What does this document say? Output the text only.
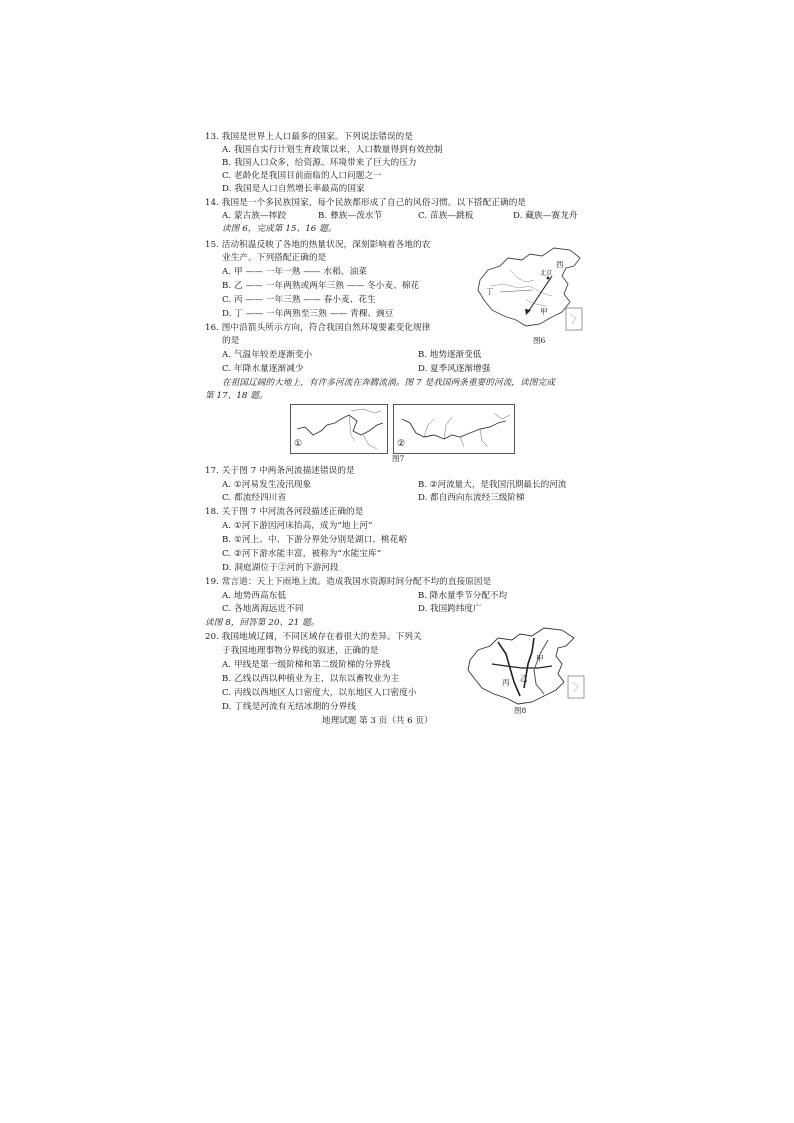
13. 我国是世界上人口最多的国家。下列说法错误的是
A. 我国自实行计划生育政策以来，人口数量得到有效控制
B. 我国人口众多，给资源、环境带来了巨大的压力
C. 老龄化是我国目前面临的人口问题之一
D. 我国是人口自然增长率最高的国家
14. 我国是一个多民族国家，每个民族都形成了自己的风俗习惯。以下搭配正确的是
A. 蒙古族—摔跤	B. 彝族—泼水节	C. 苗族—跳板	D. 藏族—赛龙舟
读图 6，完成第 15、16 题。
15. 活动积温反映了各地的热量状况，深刻影响着各地的农
业生产。下列搭配正确的是
A. 甲 —— 一年一熟 —— 水稻、油菜
B. 乙 —— 一年两熟或两年三熟 —— 冬小麦、棉花
C. 丙 —— 一年三熟 —— 春小麦、花生
D. 丁 —— 一年两熟至三熟 —— 青稞、豌豆
西
北京
丁
甲
图6
16. 图中沿箭头所示方向，符合我国自然环境要素变化规律
的是
A. 气温年较差逐渐变小	B. 地势逐渐变低
C. 年降水量逐渐减少	D. 夏季风逐渐增强
在祖国辽阔的大地上，有许多河流在奔腾流淌。图 7 是我国两条重要的河流，读图完成
第 17、18 题。
①	②
图7
17. 关于图 7 中两条河流描述错误的是
A. ①河易发生凌汛现象	B. ②河流量大，是我国汛期最长的河流
C. 都流经四川省	D. 都自西向东流经三级阶梯
18. 关于图 7 中河流各河段描述正确的是
A. ①河下游因河床抬高，成为“地上河”
B. ①河上、中、下游分界处分别是湖口、桃花峪
C. ②河下游水能丰富，被称为“水能宝库”
D. 洞庭湖位于②河的下游河段
19. 常言道：天上下雨地上流。造成我国水资源时间分配不均的直接原因是
A. 地势西高东低	B. 降水量季节分配不均
C. 各地离海远近不同	D. 我国跨纬度广
读图 8，回答第 20、21 题。
20. 我国地域辽阔，不同区域存在着很大的差异。下列关
于我国地理事物分界线的叙述，正确的是
A. 甲线是第一级阶梯和第二级阶梯的分界线
B. 乙线以西以种植业为主，以东以畜牧业为主
C. 丙线以西地区人口密度大，以东地区人口密度小
D. 丁线是河流有无结冰期的分界线
甲
乙
丙
图8
地理试题 第 3 页（共 6 页）
